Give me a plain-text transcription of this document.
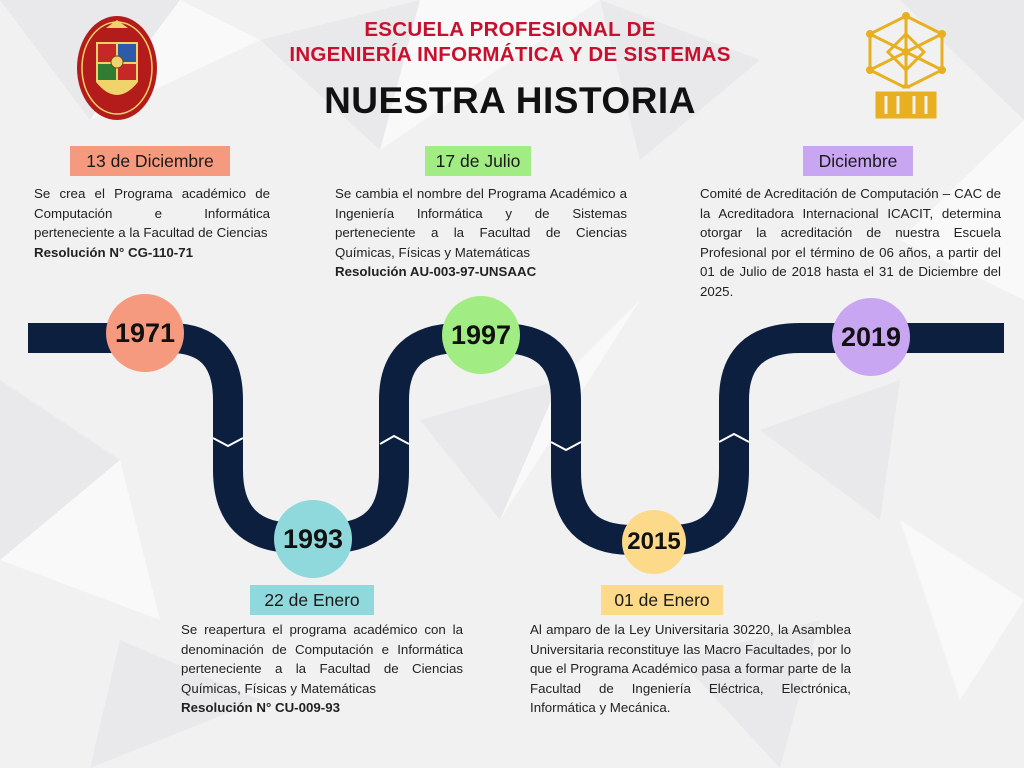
ESCUELA PROFESIONAL DE
INGENIERÍA INFORMÁTICA Y DE SISTEMAS
NUESTRA HISTORIA
1971
1993
1997
2015
2019
13 de Diciembre
22 de Enero
17 de Julio
01 de Enero
Diciembre
Se crea el Programa académico de Computación e Informática perteneciente a la Facultad de Ciencias
Resolución N° CG-110-71
Se cambia el nombre del Programa Académico a Ingeniería Informática y de Sistemas perteneciente a la Facultad de Ciencias Químicas, Físicas y Matemáticas
Resolución AU-003-97-UNSAAC
Comité de Acreditación de Computación – CAC de la Acreditadora Internacional ICACIT, determina otorgar la acreditación de nuestra Escuela Profesional por el término de 06 años, a partir del 01 de Julio de 2018 hasta el 31 de Diciembre del 2025.
Se reapertura el programa académico con la denominación de Computación e Informática perteneciente a la Facultad de Ciencias Químicas, Físicas y Matemáticas
Resolución N° CU-009-93
Al amparo de la Ley Universitaria 30220, la Asamblea Universitaria reconstituye las Macro Facultades, por lo que el Programa Académico pasa a formar parte de la Facultad de Ingeniería Eléctrica, Electrónica, Informática y Mecánica.
